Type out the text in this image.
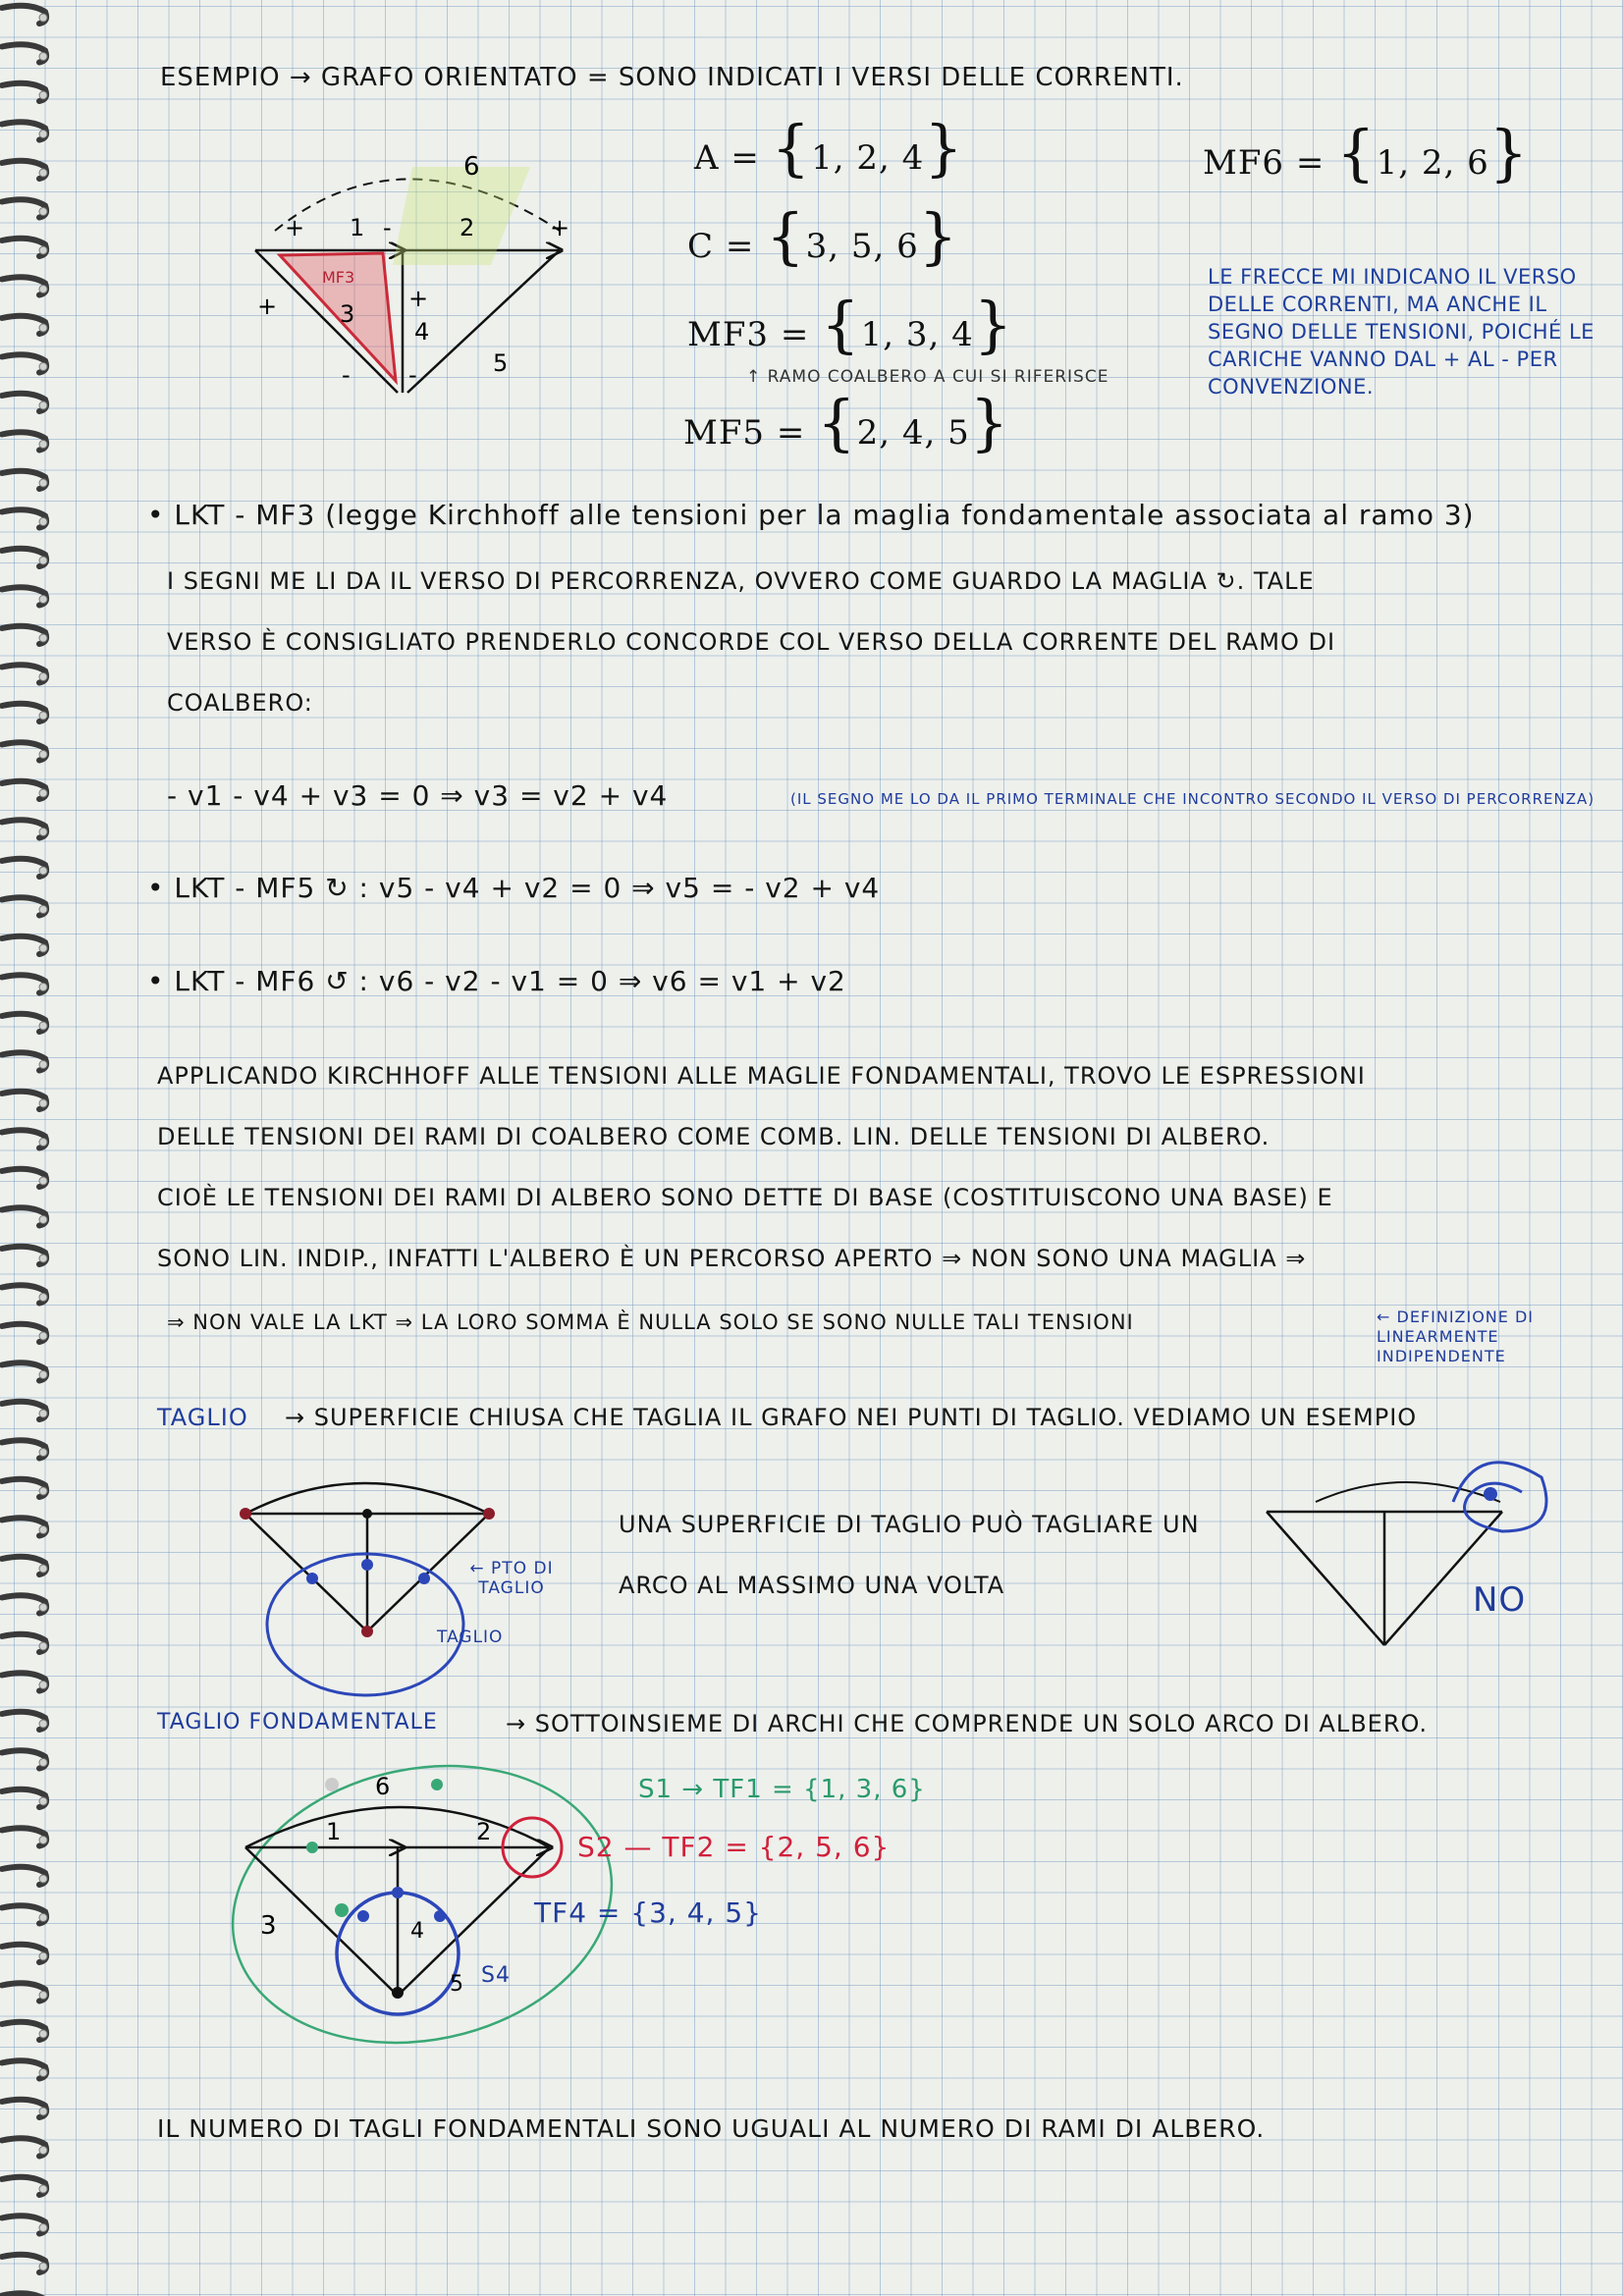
ESEMPIO → GRAFO ORIENTATO = SONO INDICATI I VERSI DELLE CORRENTI.
6
1	2
3
4
5
MF3
+	-
+	+
-
-
+
A = {1, 2, 4}
C = {3, 5, 6}
MF3 = {1, 3, 4}
↑ RAMO COALBERO A CUI SI RIFERISCE
MF5 = {2, 4, 5}
MF6 = {1, 2, 6}
LE FRECCE MI INDICANO IL VERSO DELLE CORRENTI, MA ANCHE IL SEGNO DELLE TENSIONI, POICHÉ LE CARICHE VANNO DAL + AL - PER CONVENZIONE.
• LKT - MF3 (legge Kirchhoff alle tensioni per la maglia fondamentale associata al ramo 3)
I SEGNI ME LI DA IL VERSO DI PERCORRENZA, OVVERO COME GUARDO LA MAGLIA ↻. TALE
VERSO È CONSIGLIATO PRENDERLO CONCORDE COL VERSO DELLA CORRENTE DEL RAMO DI
COALBERO:
- v1 - v4 + v3 = 0 ⇒ v3 = v2 + v4	(IL SEGNO ME LO DA IL PRIMO TERMINALE CHE INCONTRO SECONDO IL VERSO DI PERCORRENZA)
• LKT - MF5 ↻ : v5 - v4 + v2 = 0 ⇒ v5 = - v2 + v4
• LKT - MF6 ↺ : v6 - v2 - v1 = 0 ⇒ v6 = v1 + v2
APPLICANDO KIRCHHOFF ALLE TENSIONI ALLE MAGLIE FONDAMENTALI, TROVO LE ESPRESSIONI
DELLE TENSIONI DEI RAMI DI COALBERO COME COMB. LIN. DELLE TENSIONI DI ALBERO.
CIOÈ LE TENSIONI DEI RAMI DI ALBERO SONO DETTE DI BASE (COSTITUISCONO UNA BASE) E
SONO LIN. INDIP., INFATTI L'ALBERO È UN PERCORSO APERTO ⇒ NON SONO UNA MAGLIA ⇒
⇒ NON VALE LA LKT ⇒ LA LORO SOMMA È NULLA SOLO SE SONO NULLE TALI TENSIONI	← DEFINIZIONE DI LINEARMENTE INDIPENDENTE
TAGLIO → SUPERFICIE CHIUSA CHE TAGLIA IL GRAFO NEI PUNTI DI TAGLIO. VEDIAMO UN ESEMPIO
← PTO DI TAGLIO
TAGLIO
UNA SUPERFICIE DI TAGLIO PUÒ TAGLIARE UN ARCO AL MASSIMO UNA VOLTA	NO
TAGLIO FONDAMENTALE	→ SOTTOINSIEME DI ARCHI CHE COMPRENDE UN SOLO ARCO DI ALBERO.
6
1	2
3	4
5
S1 → TF1 = {1, 3, 6}
S2 — TF2 = {2, 5, 6}
TF4 = {3, 4, 5}
S4
IL NUMERO DI TAGLI FONDAMENTALI SONO UGUALI AL NUMERO DI RAMI DI ALBERO.
